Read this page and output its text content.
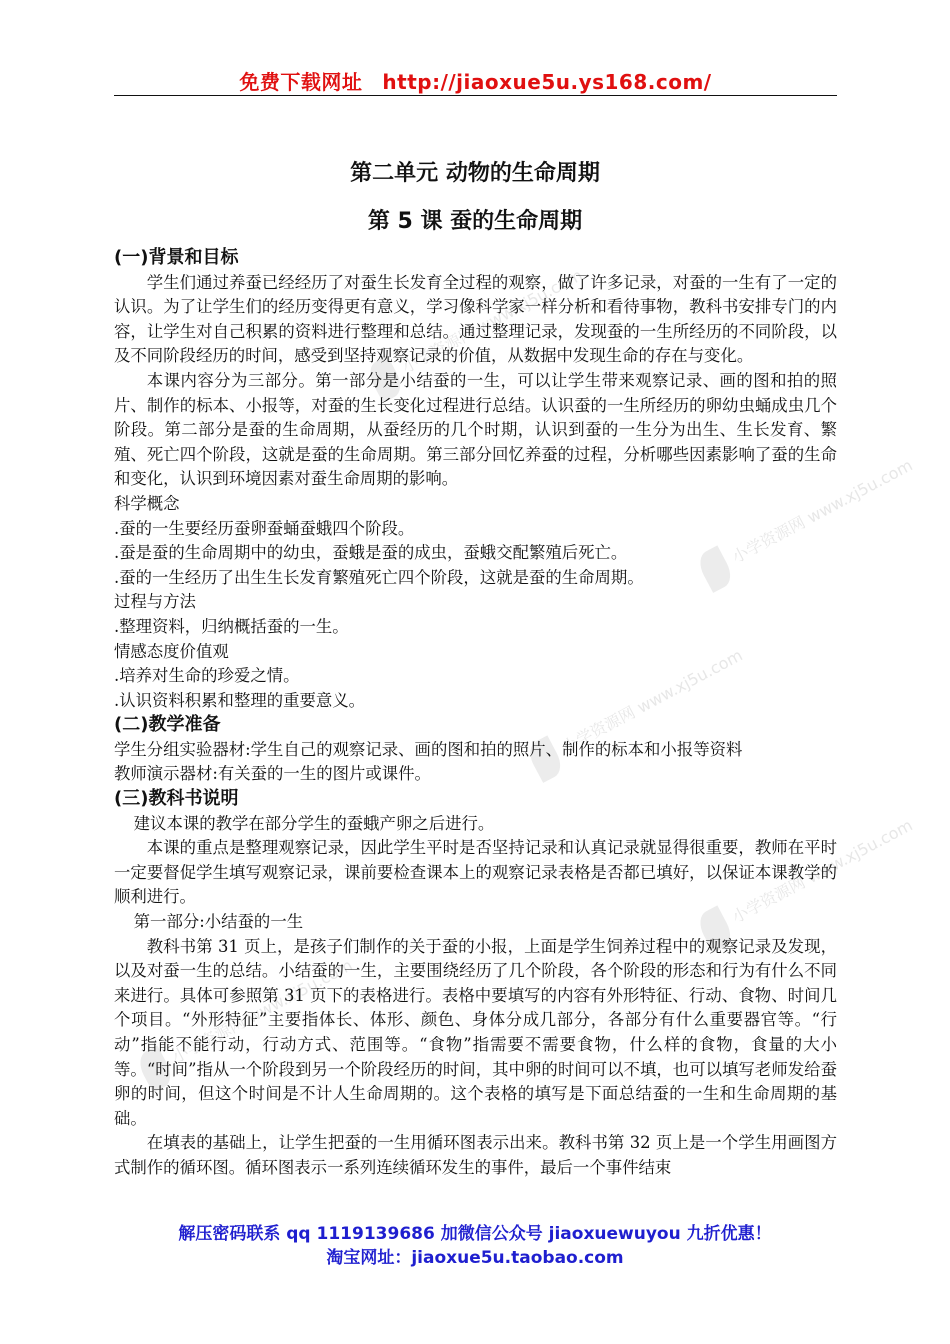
小学资源网 www.xj5u.com
小学资源网 www.xj5u.com
小学资源网 www.xj5u.com
小学资源网 www.xj5u.com
小学资源网 www.xj5u.com
免费下载网址 http://jiaoxue5u.ys168.com/
第二单元 动物的生命周期
第 5 课 蚕的生命周期
(一)背景和目标

学生们通过养蚕已经经历了对蚕生长发育全过程的观察，做了许多记录，对蚕的一生有了一定的认识。为了让学生们的经历变得更有意义，学习像科学家一样分析和看待事物，教科书安排专门的内容，让学生对自己积累的资料进行整理和总结。通过整理记录，发现蚕的一生所经历的不同阶段，以及不同阶段经历的时间，感受到坚持观察记录的价值，从数据中发现生命的存在与变化。

本课内容分为三部分。第一部分是小结蚕的一生，可以让学生带来观察记录、画的图和拍的照片、制作的标本、小报等，对蚕的生长变化过程进行总结。认识蚕的一生所经历的卵幼虫蛹成虫几个阶段。第二部分是蚕的生命周期，从蚕经历的几个时期，认识到蚕的一生分为出生、生长发育、繁殖、死亡四个阶段，这就是蚕的生命周期。第三部分回忆养蚕的过程，分析哪些因素影响了蚕的生命和变化，认识到环境因素对蚕生命周期的影响。

科学概念

.蚕的一生要经历蚕卵蚕蛹蚕蛾四个阶段。

.蚕是蚕的生命周期中的幼虫，蚕蛾是蚕的成虫，蚕蛾交配繁殖后死亡。

.蚕的一生经历了出生生长发育繁殖死亡四个阶段，这就是蚕的生命周期。

过程与方法

.整理资料，归纳概括蚕的一生。

情感态度价值观

.培养对生命的珍爱之情。

.认识资料积累和整理的重要意义。

(二)教学准备

学生分组实验器材:学生自己的观察记录、画的图和拍的照片、制作的标本和小报等资料

教师演示器材:有关蚕的一生的图片或课件。

(三)教科书说明

建议本课的教学在部分学生的蚕蛾产卵之后进行。

本课的重点是整理观察记录，因此学生平时是否坚持记录和认真记录就显得很重要，教师在平时一定要督促学生填写观察记录，课前要检查课本上的观察记录表格是否都已填好，以保证本课教学的顺利进行。

第一部分:小结蚕的一生

教科书第 31 页上，是孩子们制作的关于蚕的小报，上面是学生饲养过程中的观察记录及发现，以及对蚕一生的总结。小结蚕的一生，主要围绕经历了几个阶段，各个阶段的形态和行为有什么不同来进行。具体可参照第 31 页下的表格进行。表格中要填写的内容有外形特征、行动、食物、时间几个项目。“外形特征”主要指体长、体形、颜色、身体分成几部分，各部分有什么重要器官等。“行动”指能不能行动，行动方式、范围等。“食物”指需要不需要食物，什么样的食物，食量的大小等。“时间”指从一个阶段到另一个阶段经历的时间，其中卵的时间可以不填，也可以填写老师发给蚕卵的时间，但这个时间是不计人生命周期的。这个表格的填写是下面总结蚕的一生和生命周期的基础。

在填表的基础上，让学生把蚕的一生用循环图表示出来。教科书第 32 页上是一个学生用画图方式制作的循环图。循环图表示一系列连续循环发生的事件，最后一个事件结束

解压密码联系 qq 1119139686 加微信公众号 jiaoxuewuyou 九折优惠！
淘宝网址：jiaoxue5u.taobao.com
